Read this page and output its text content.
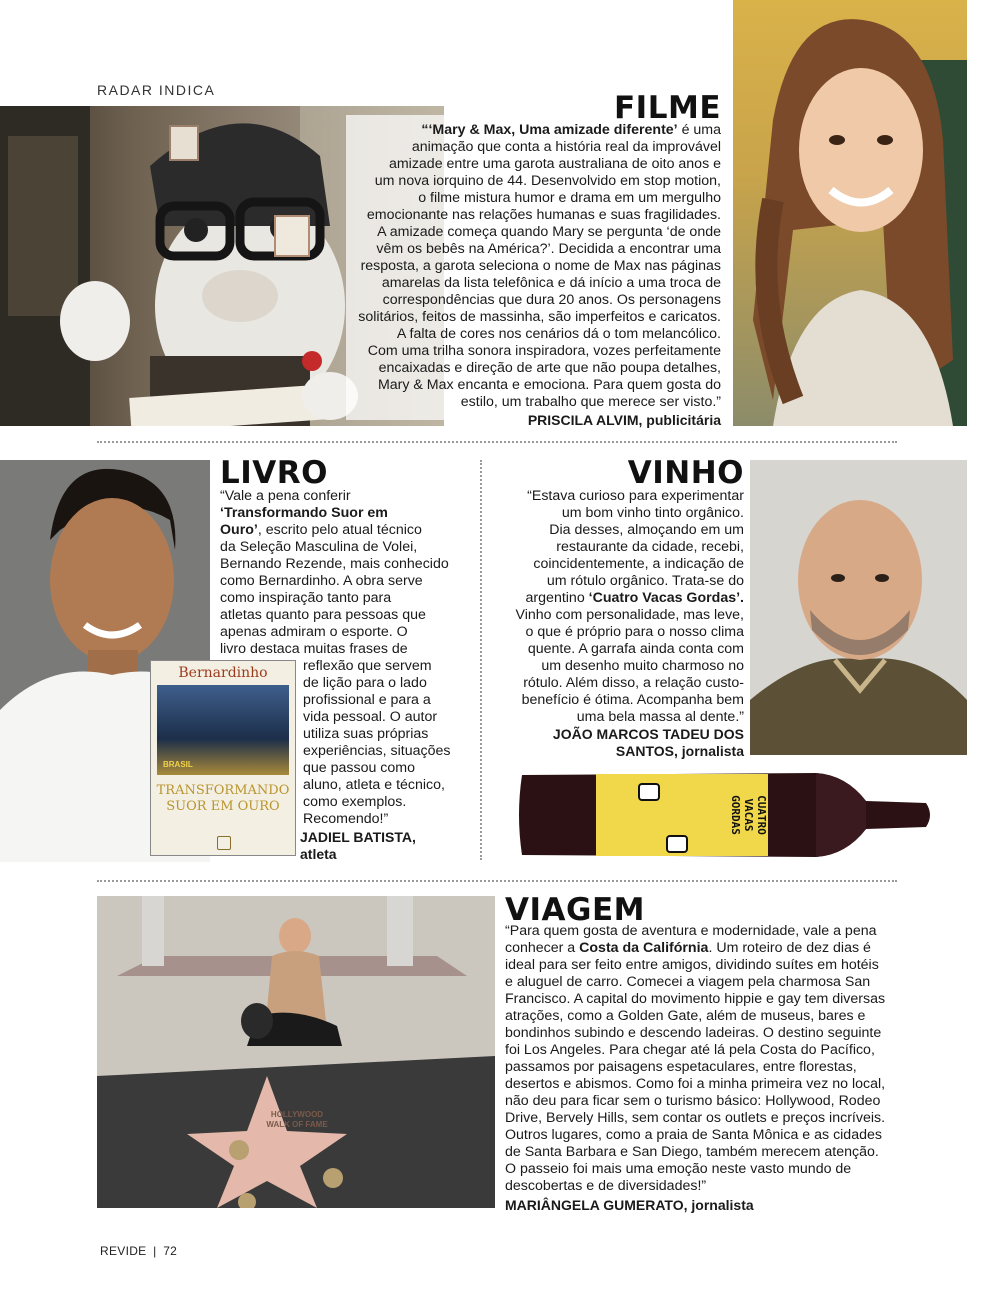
RADAR INDICA	FILME
“‘Mary & Max, Uma amizade diferente’ é uma
animação que conta a história real da improvável
amizade entre uma garota australiana de oito anos e
um nova iorquino de 44. Desenvolvido em stop motion,
o filme mistura humor e drama em um mergulho
emocionante nas relações humanas e suas fragilidades.
A amizade começa quando Mary se pergunta ‘de onde
vêm os bebês na América?’. Decidida a encontrar uma
resposta, a garota seleciona o nome de Max nas páginas
amarelas da lista telefônica e dá início a uma troca de
correspondências que dura 20 anos. Os personagens
solitários, feitos de massinha, são imperfeitos e caricatos.
A falta de cores nos cenários dá o tom melancólico.
Com uma trilha sonora inspiradora, vozes perfeitamente
encaixadas e direção de arte que não poupa detalhes,
Mary & Max encanta e emociona. Para quem gosta do
estilo, um trabalho que merece ser visto.”
PRISCILA ALVIM, publicitária
Bernardinho
BRASIL
TRANSFORMANDO
SUOR EM OURO
LIVRO
“Vale a pena conferir
‘Transformando Suor em
Ouro’, escrito pelo atual técnico
da Seleção Masculina de Volei,
Bernando Rezende, mais conhecido
como Bernardinho. A obra serve
como inspiração tanto para
atletas quanto para pessoas que
apenas admiram o esporte. O
livro destaca muitas frases de
reflexão que servem
de lição para o lado
profissional e para a
vida pessoal. O autor
utiliza suas próprias
experiências, situações
que passou como
aluno, atleta e técnico,
como exemplos.
Recomendo!”
JADIEL BATISTA,
atleta
VINHO
“Estava curioso para experimentar
um bom vinho tinto orgânico.
Dia desses, almoçando em um
restaurante da cidade, recebi,
coincidentemente, a indicação de
um rótulo orgânico. Trata-se do
argentino ‘Cuatro Vacas Gordas’.
Vinho com personalidade, mas leve,
o que é próprio para o nosso clima
quente. A garrafa ainda conta com
um desenho muito charmoso no
rótulo. Além disso, a relação custo-
benefício é ótima. Acompanha bem
uma bela massa al dente.”
JOÃO MARCOS TADEU DOS
SANTOS, jornalista
CUATRO
VACAS
GORDAS
HOLLYWOOD
WALK OF FAME
VIAGEM
“Para quem gosta de aventura e modernidade, vale a pena
conhecer a Costa da Califórnia. Um roteiro de dez dias é
ideal para ser feito entre amigos, dividindo suítes em hotéis
e aluguel de carro. Comecei a viagem pela charmosa San
Francisco. A capital do movimento hippie e gay tem diversas
atrações, como a Golden Gate, além de museus, bares e
bondinhos subindo e descendo ladeiras. O destino seguinte
foi Los Angeles. Para chegar até lá pela Costa do Pacífico,
passamos por paisagens espetaculares, entre florestas,
desertos e abismos. Como foi a minha primeira vez no local,
não deu para ficar sem o turismo básico: Hollywood, Rodeo
Drive, Bervely Hills, sem contar os outlets e preços incríveis.
Outros lugares, como a praia de Santa Mônica e as cidades
de Santa Barbara e San Diego, também merecem atenção.
O passeio foi mais uma emoção neste vasto mundo de
descobertas e de diversidades!”
MARIÂNGELA GUMERATO, jornalista
REVIDE | 72
